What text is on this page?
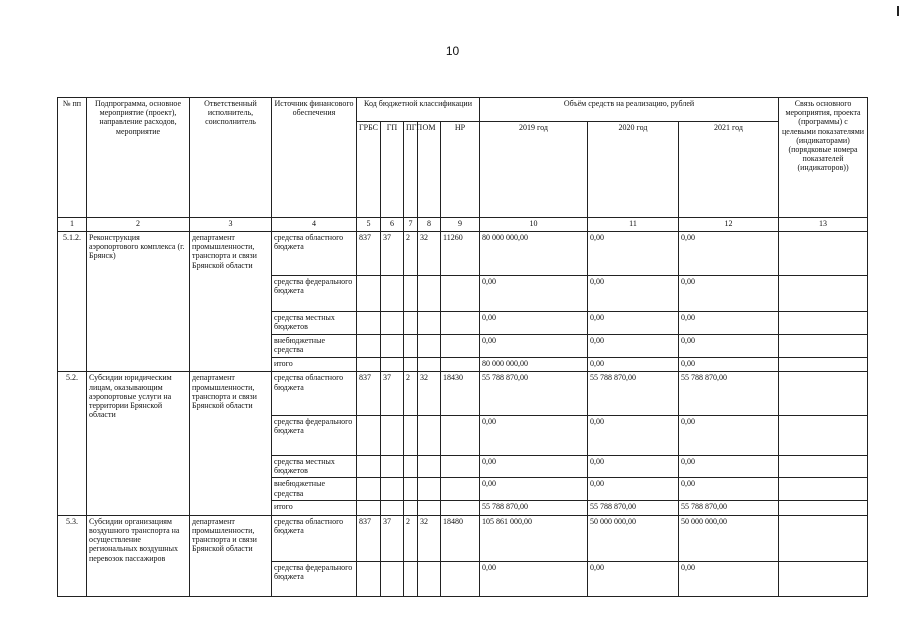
10
№ пп	Подпрограмма, основное мероприятие (проект), направление расходов, мероприятие	Ответственный исполнитель, соисполнитель	Источник финансового обеспечения	Код бюджетной классификации					Объём средств на реализацию, рублей			Связь основного мероприятия, проекта (программы) с целевыми показателями (индикаторами) (порядковые номера показателей (индикаторов))
				ГРБС	ГП	ПГП	ОМ	НР	2019 год	2020 год	2021 год	
1	2	3	4	5	6	7	8	9	10	11	12	13
5.1.2.	Реконструкция аэропортового комплекса (г. Брянск)	департамент промышленности, транспорта и связи Брянской области	средства областного бюджета	837	37	2	32	11260	80 000 000,00	0,00	0,00	
			средства федерального бюджета						0,00	0,00	0,00	
			средства местных бюджетов						0,00	0,00	0,00	
			внебюджетные средства						0,00	0,00	0,00	
			итого						80 000 000,00	0,00	0,00	
5.2.	Субсидии юридическим лицам, оказывающим аэропортовые услуги на территории Брянской области	департамент промышленности, транспорта и связи Брянской области	средства областного бюджета	837	37	2	32	18430	55 788 870,00	55 788 870,00	55 788 870,00	
			средства федерального бюджета						0,00	0,00	0,00	
			средства местных бюджетов						0,00	0,00	0,00	
			внебюджетные средства						0,00	0,00	0,00	
			итого						55 788 870,00	55 788 870,00	55 788 870,00	
5.3.	Субсидии организациям воздушного транспорта на осуществление региональных воздушных перевозок пассажиров	департамент промышленности, транспорта и связи Брянской области	средства областного бюджета	837	37	2	32	18480	105 861 000,00	50 000 000,00	50 000 000,00	
			средства федерального бюджета						0,00	0,00	0,00	
